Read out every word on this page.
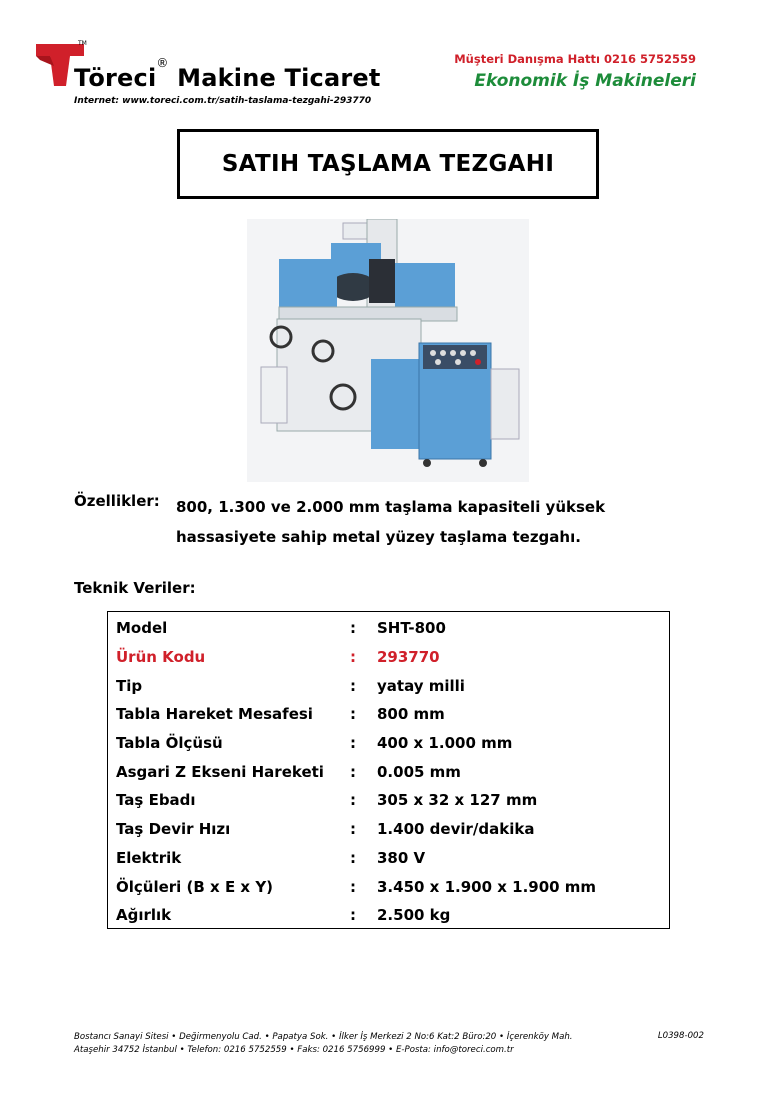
TM
Töreci® Makine Ticaret
Internet: www.toreci.com.tr/satih-taslama-tezgahi-293770
Müşteri Danışma Hattı 0216 5752559
Ekonomik İş Makineleri
SATIH TAŞLAMA TEZGAHI
Özellikler: 800, 1.300 ve 2.000 mm taşlama kapasiteli yüksek hassasiyete sahip metal yüzey taşlama tezgahı.
Teknik Veriler:
Model	:	SHT-800
Ürün Kodu	:	293770
Tip	:	yatay milli
Tabla Hareket Mesafesi	:	800 mm
Tabla Ölçüsü	:	400 x 1.000 mm
Asgari Z Ekseni Hareketi	:	0.005 mm
Taş Ebadı	:	305 x 32 x 127 mm
Taş Devir Hızı	:	1.400 devir/dakika
Elektrik	:	380 V
Ölçüleri (B x E x Y)	:	3.450 x 1.900 x 1.900 mm
Ağırlık	:	2.500 kg
Bostancı Sanayi Sitesi • Değirmenyolu Cad. • Papatya Sok. • İlker İş Merkezi 2 No:6 Kat:2 Büro:20 • İçerenköy Mah.
Ataşehir 34752 İstanbul • Telefon: 0216 5752559 • Faks: 0216 5756999 • E-Posta: info@toreci.com.tr
L0398-002
